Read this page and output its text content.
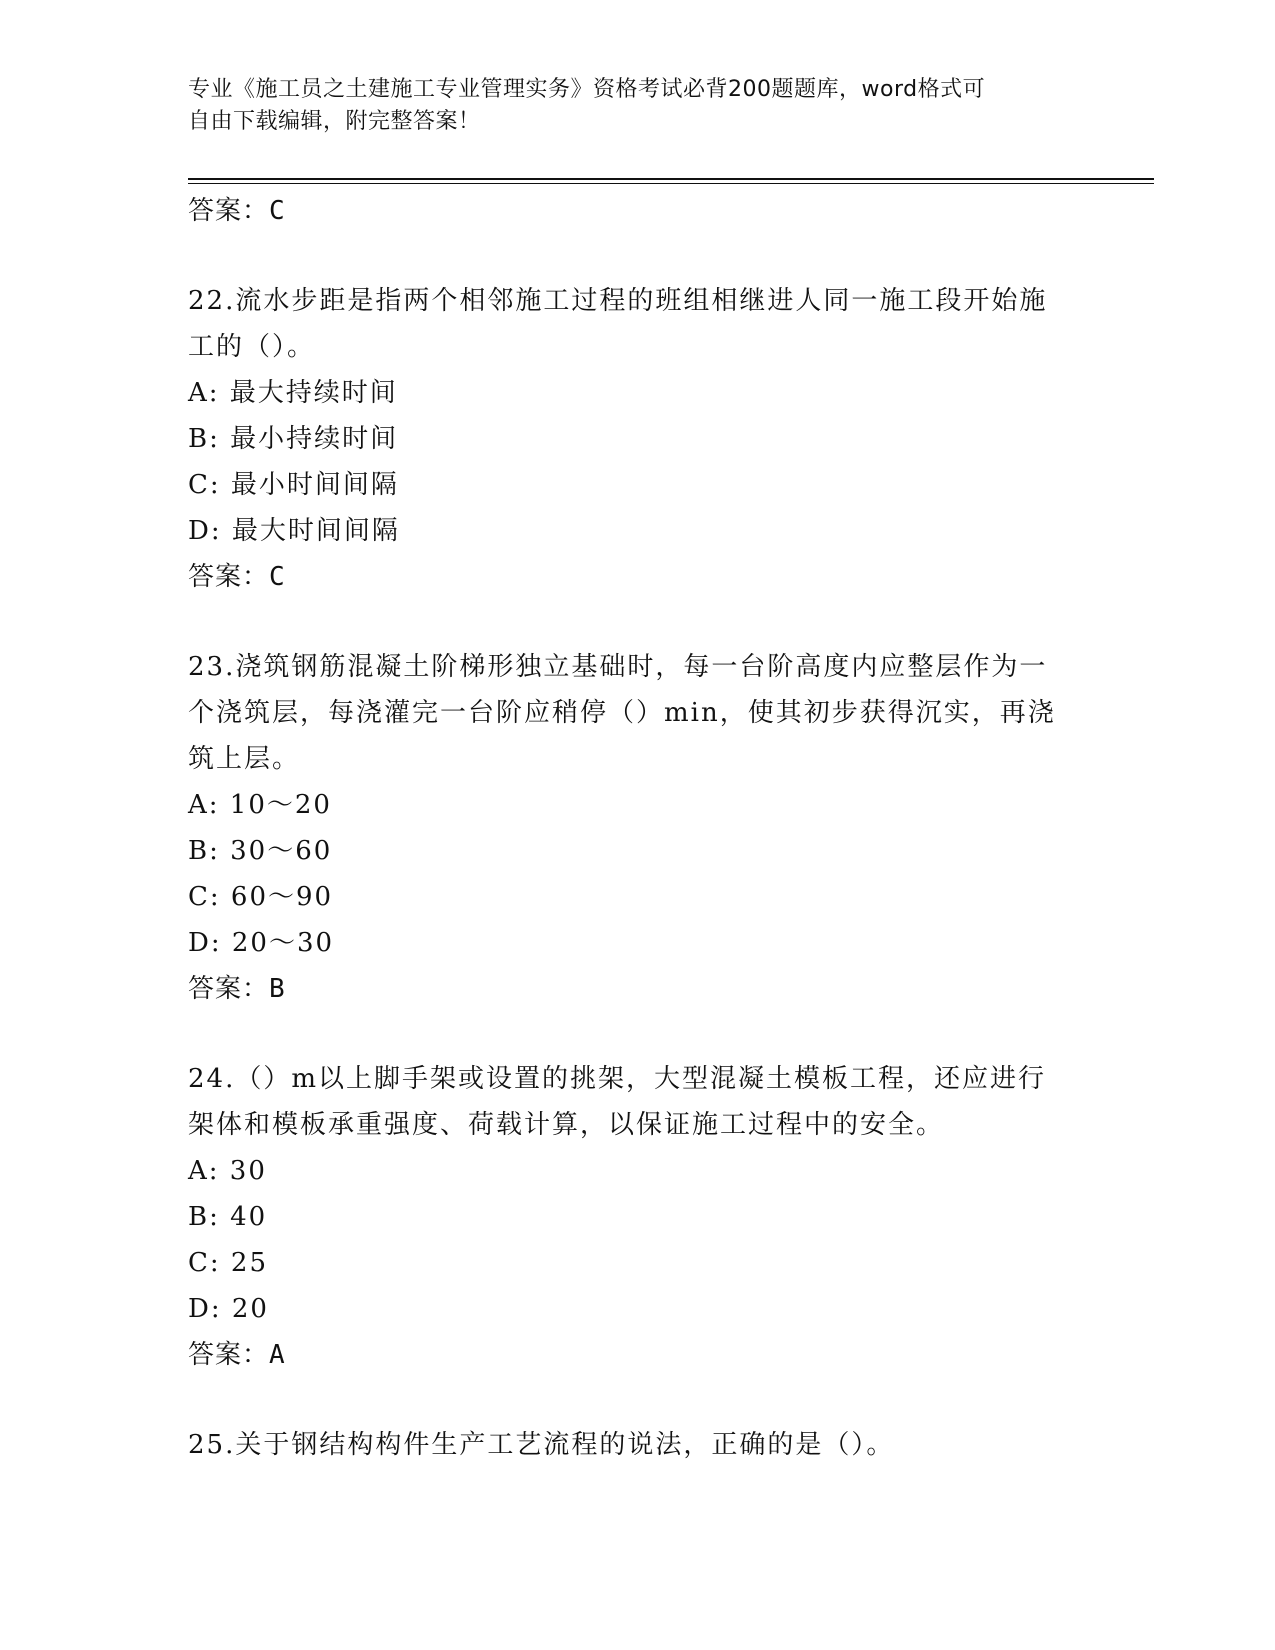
专业《施工员之土建施工专业管理实务》资格考试必背200题题库，word格式可
自由下载编辑，附完整答案！
答案：C
22.流水步距是指两个相邻施工过程的班组相继进人同一施工段开始施
工的（）。
A: 最大持续时间
B: 最小持续时间
C: 最小时间间隔
D: 最大时间间隔
答案：C
23.浇筑钢筋混凝土阶梯形独立基础时，每一台阶高度内应整层作为一
个浇筑层，每浇灌完一台阶应稍停（）min，使其初步获得沉实，再浇
筑上层。
A: 10～20
B: 30～60
C: 60～90
D: 20～30
答案：B
24.（）m以上脚手架或设置的挑架，大型混凝土模板工程，还应进行
架体和模板承重强度、荷载计算，以保证施工过程中的安全。
A: 30
B: 40
C: 25
D: 20
答案：A
25.关于钢结构构件生产工艺流程的说法，正确的是（）。
